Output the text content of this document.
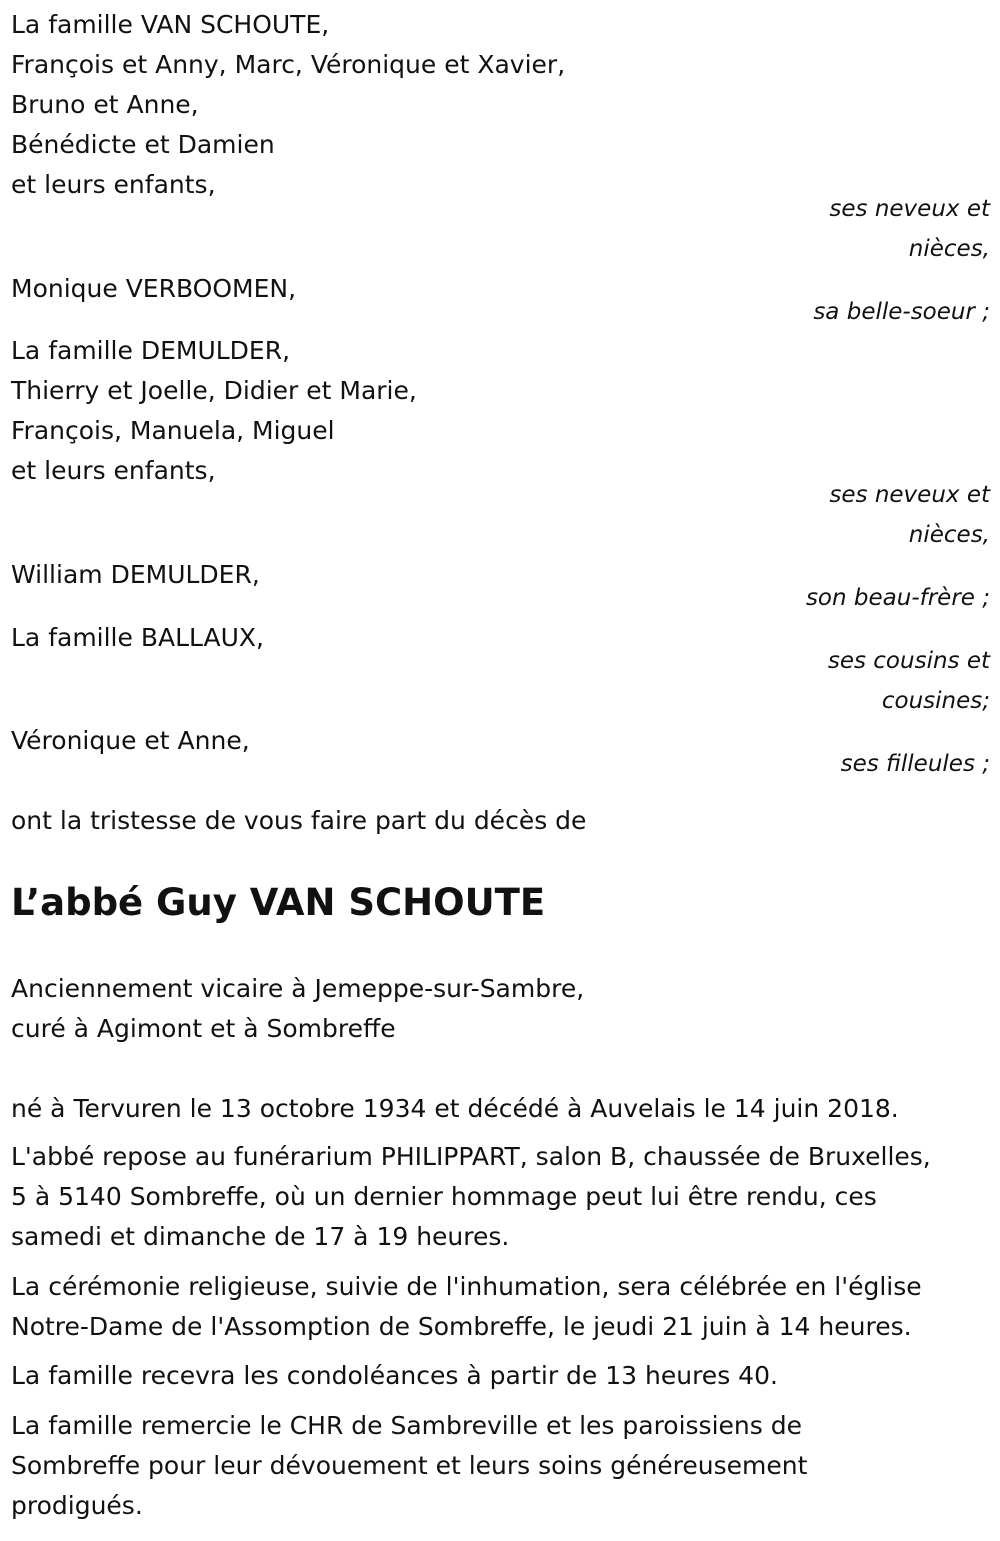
La famille VAN SCHOUTE,

François et Anny, Marc, Véronique et Xavier,

Bruno et Anne,

Bénédicte et Damien

et leurs enfants,

ses neveux et

nièces,

Monique VERBOOMEN,

sa belle-soeur ;

La famille DEMULDER,

Thierry et Joelle, Didier et Marie,

François, Manuela, Miguel

et leurs enfants,

ses neveux et

nièces,

William DEMULDER,

son beau-frère ;

La famille BALLAUX,

ses cousins et

cousines;

Véronique et Anne,

ses filleules ;

ont la tristesse de vous faire part du décès de

L’abbé Guy VAN SCHOUTE

Anciennement vicaire à Jemeppe-sur-Sambre,

curé à Agimont et à Sombreffe

né à Tervuren le 13 octobre 1934 et décédé à Auvelais le 14 juin 2018.

L'abbé repose au funérarium PHILIPPART, salon B, chaussée de Bruxelles,

5 à 5140 Sombreffe, où un dernier hommage peut lui être rendu, ces

samedi et dimanche de 17 à 19 heures.

La cérémonie religieuse, suivie de l'inhumation, sera célébrée en l'église

Notre-Dame de l'Assomption de Sombreffe, le jeudi 21 juin à 14 heures.

La famille recevra les condoléances à partir de 13 heures 40.

La famille remercie le CHR de Sambreville et les paroissiens de

Sombreffe pour leur dévouement et leurs soins généreusement

prodigués.
